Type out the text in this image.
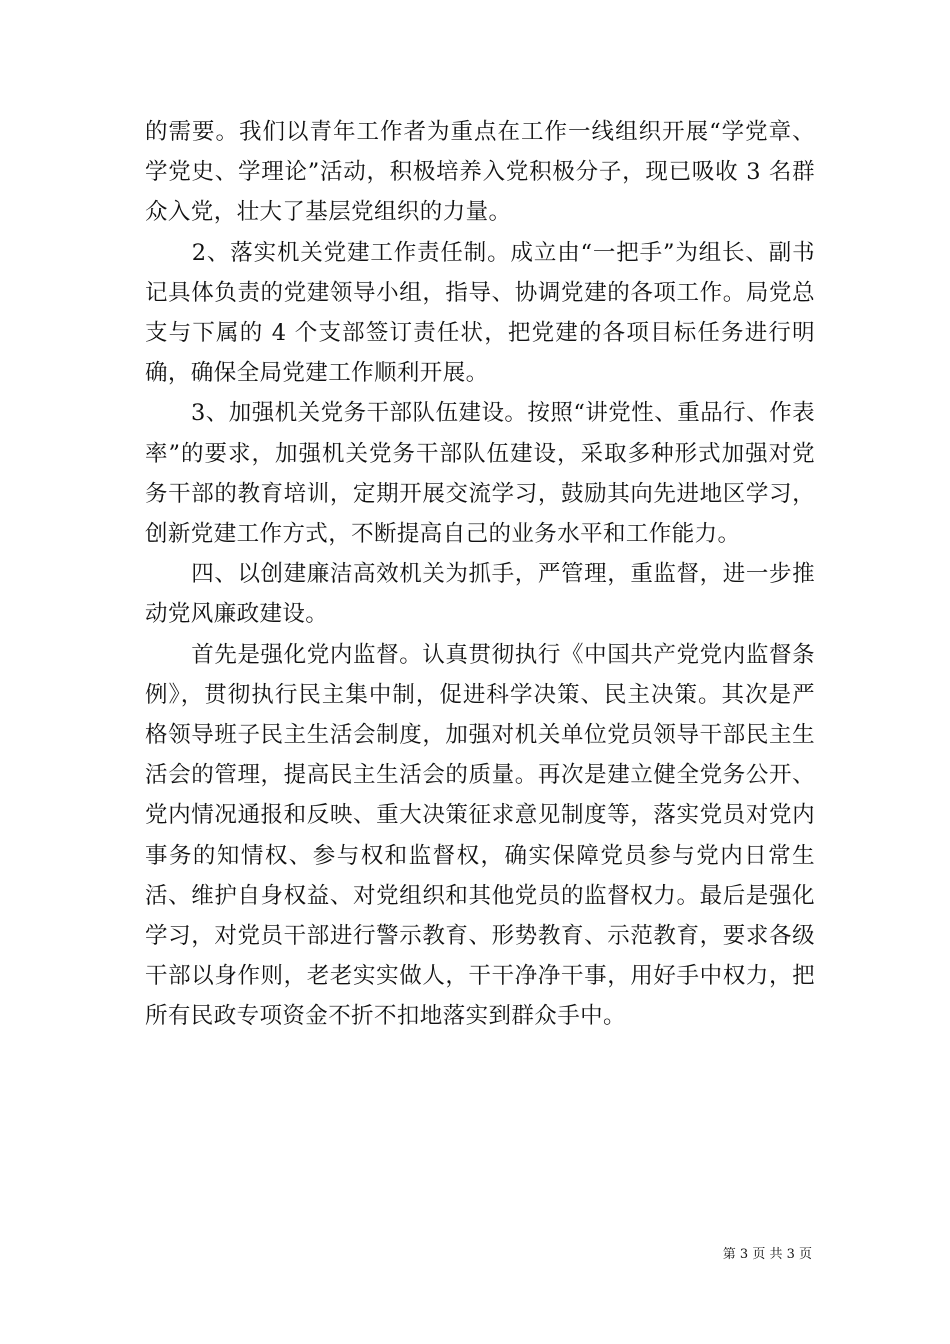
的需要。我们以青年工作者为重点在工作一线组织开展“学党章、学党史、学理论”活动，积极培养入党积极分子，现已吸收 3 名群众入党，壮大了基层党组织的力量。

　　2、落实机关党建工作责任制。成立由“一把手”为组长、副书记具体负责的党建领导小组，指导、协调党建的各项工作。局党总支与下属的 4 个支部签订责任状，把党建的各项目标任务进行明确，确保全局党建工作顺利开展。

　　3、加强机关党务干部队伍建设。按照“讲党性、重品行、作表率”的要求，加强机关党务干部队伍建设，采取多种形式加强对党务干部的教育培训，定期开展交流学习，鼓励其向先进地区学习，创新党建工作方式，不断提高自己的业务水平和工作能力。

　　四、以创建廉洁高效机关为抓手，严管理，重监督，进一步推动党风廉政建设。

　　首先是强化党内监督。认真贯彻执行《中国共产党党内监督条例》，贯彻执行民主集中制，促进科学决策、民主决策。其次是严格领导班子民主生活会制度，加强对机关单位党员领导干部民主生活会的管理，提高民主生活会的质量。再次是建立健全党务公开、党内情况通报和反映、重大决策征求意见制度等，落实党员对党内事务的知情权、参与权和监督权，确实保障党员参与党内日常生活、维护自身权益、对党组织和其他党员的监督权力。最后是强化学习，对党员干部进行警示教育、形势教育、示范教育，要求各级干部以身作则，老老实实做人，干干净净干事，用好手中权力，把所有民政专项资金不折不扣地落实到群众手中。

第 3 页 共 3 页
